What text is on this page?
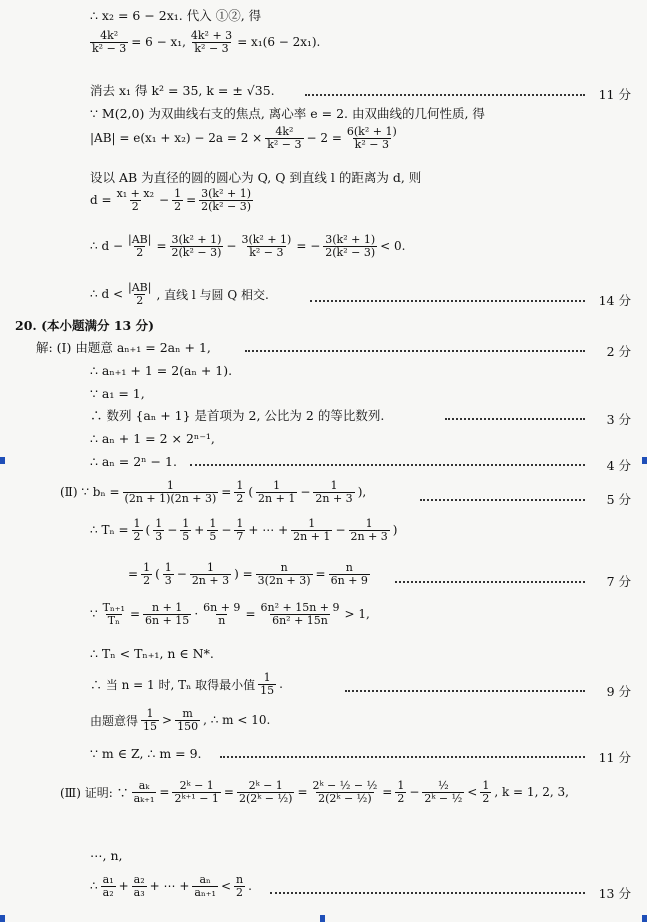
∴ x₂ = 6 − 2x₁. 代入 ①②, 得
$\frac{\text{4k²}}{\text{k² − 3}} = 6 - x_1$, $\frac{\text{4k² + 3}}{\text{k² − 3}} = x_1(6 - 2x_1)$.
消去 x₁ 得 k² = 35, k = ± √35.	11 分
∵ M(2,0) 为双曲线右支的焦点, 离心率 e = 2. 由双曲线的几何性质, 得
$|AB| = e(x_1 + x_2) - 2a = 2 \times \frac{\text{4k²}}{\text{k² − 3}} - 2 = \frac{\text{6(k² + 1)}}{\text{k² − 3}}$
设以 AB 为直径的圆的圆心为 Q, Q 到直线 l 的距离为 d, 则
$d = \frac{\text{x₁ + x₂}}{2} - \frac{1}{2} = \frac{\text{3(k² + 1)}}{\text{2(k² − 3)}}$
∴ $d - \frac{|AB|}{2} = \frac{\text{3(k² + 1)}}{\text{2(k² − 3)}} - \frac{\text{3(k² + 1)}}{\text{k² − 3}}$ = − $\frac{\text{3(k² + 1)}}{\text{2(k² − 3)}} < 0$.
∴ $d < \frac{|AB|}{2}$ , 直线 l 与圆 Q 相交.	14 分
20. (本小题满分 13 分)
解: (Ⅰ) 由题意 aₙ₊₁ = 2aₙ + 1,	2 分
∴ aₙ₊₁ + 1 = 2(aₙ + 1).
∵ a₁ = 1,
∴ 数列 {aₙ + 1} 是首项为 2, 公比为 2 的等比数列.	3 分
∴ aₙ + 1 = 2 × 2ⁿ⁻¹,
∴ aₙ = 2ⁿ − 1.	4 分
(Ⅱ) ∵ $b_n = \frac{1}{(2n + 1)(2n + 3)} = \frac{1}{2}$ ( $\frac{1}{2n + 1} - \frac{1}{2n + 3}$ ),	5 分
∴ $T_n = \frac{1}{2}$ ( $\frac{1}{3} - \frac{1}{5} + \frac{1}{5} - \frac{1}{7}$ + ⋯ + $\frac{1}{2n + 1} - \frac{1}{2n + 3}$ )
= $\frac{1}{2}$ ( $\frac{1}{3} - \frac{1}{2n + 3}$ ) = $\frac{n}{3(2n + 3)} = \frac{n}{6n + 9}$	7 分
∵ $\frac{\text{Tₙ₊₁}}{\text{Tₙ}} = \frac{n + 1}{6n + 15} \cdot \frac{6n + 9}{n} = \frac{\text{6n² + 15n + 9}}{\text{6n² + 15n}} > 1$,
∴ Tₙ < Tₙ₊₁, n ∈ N*.
∴ 当 n = 1 时, Tₙ 取得最小值 $\frac{1}{15}$ .	9 分
由题意得 $\frac{1}{15} > \frac{m}{150}$ , ∴ m < 10.
∵ m ∈ Z, ∴ m = 9.	11 分
(Ⅲ) 证明: ∵ $\frac{\text{aₖ}}{\text{aₖ₊₁}} = \frac{\text{2ᵏ − 1}}{\text{2ᵏ⁺¹ − 1}} = \frac{\text{2ᵏ − 1}}{\text{2(2ᵏ − ½)}} = \frac{\text{2ᵏ − ½ − ½}}{\text{2(2ᵏ − ½)}} = \frac{1}{2} - \frac{\text{½}}{\text{2ᵏ − ½}} < \frac{1}{2}$ , k = 1, 2, 3,
⋯, n,
∴ $\frac{\text{a₁}}{\text{a₂}} + \frac{\text{a₂}}{\text{a₃}}$ + ⋯ + $\frac{\text{aₙ}}{\text{aₙ₊₁}} < \frac{n}{2}$ .	13 分
